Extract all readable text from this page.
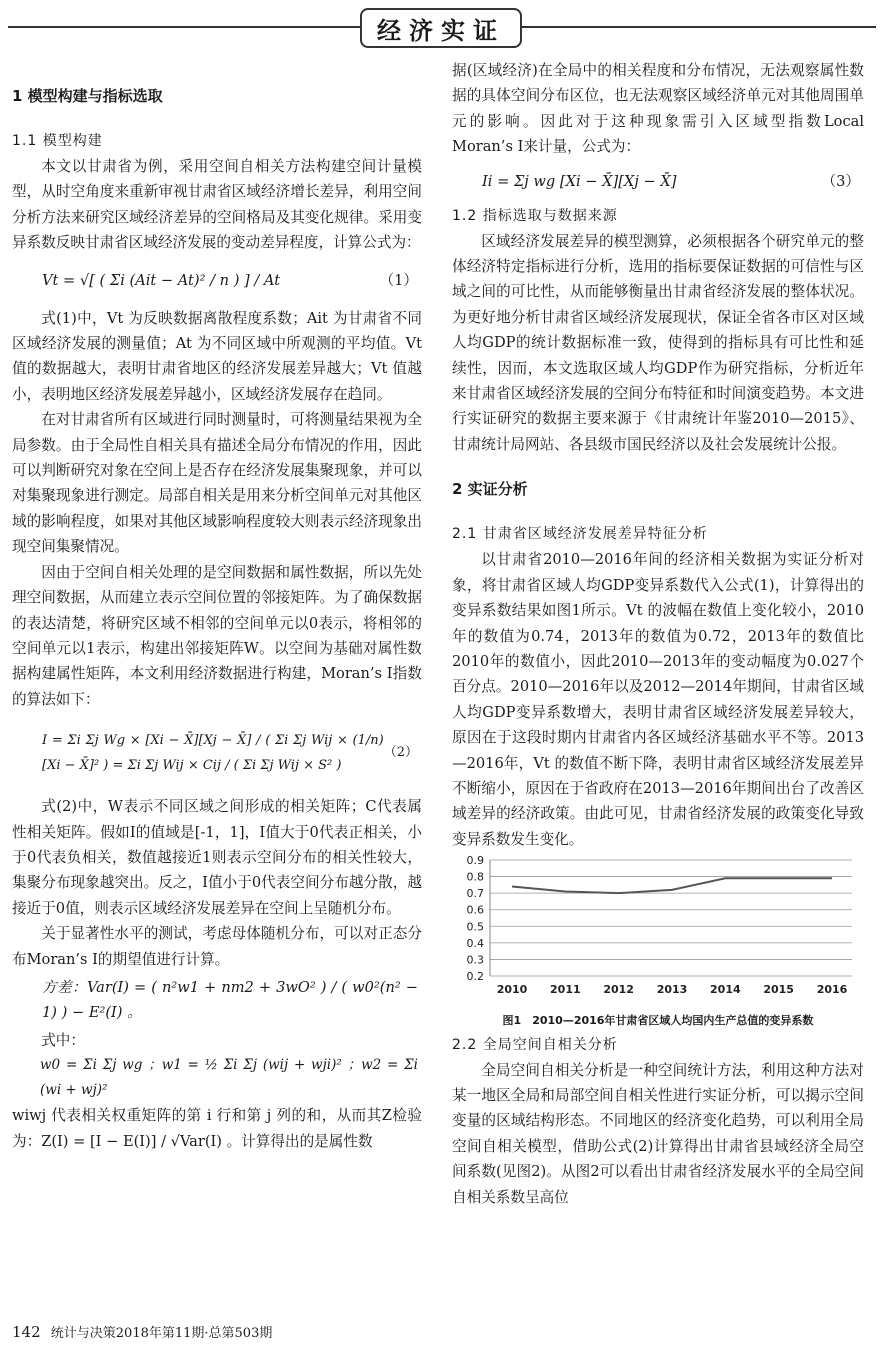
经济实证
1 模型构建与指标选取
1.1 模型构建

本文以甘肃省为例，采用空间自相关方法构建空间计量模型，从时空角度来重新审视甘肃省区域经济增长差异，利用空间分析方法来研究区域经济差异的空间格局及其变化规律。采用变异系数反映甘肃省区域经济发展的变动差异程度，计算公式为：

Vt = √[ ( Σi (Ait − At)² / n ) ] / At	（1）

式(1)中，Vt 为反映数据离散程度系数；Ait 为甘肃省不同区域经济发展的测量值；At 为不同区域中所观测的平均值。Vt 值的数据越大，表明甘肃省地区的经济发展差异越大；Vt 值越小，表明地区经济发展差异越小，区域经济发展存在趋同。

在对甘肃省所有区域进行同时测量时，可将测量结果视为全局参数。由于全局性自相关具有描述全局分布情况的作用，因此可以判断研究对象在空间上是否存在经济发展集聚现象，并可以对集聚现象进行测定。局部自相关是用来分析空间单元对其他区域的影响程度，如果对其他区域影响程度较大则表示经济现象出现空间集聚情况。

因由于空间自相关处理的是空间数据和属性数据，所以先处理空间数据，从而建立表示空间位置的邻接矩阵。为了确保数据的表达清楚，将研究区域不相邻的空间单元以0表示，将相邻的空间单元以1表示，构建出邻接矩阵W。以空间为基础对属性数据构建属性矩阵，本文利用经济数据进行构建，Moran’s I指数的算法如下：

I = Σi Σj Wg × [Xi − X̄][Xj − X̄] / ( Σi Σj Wij × (1/n)[Xi − X̄]² ) = Σi Σj Wij × Cij / ( Σi Σj Wij × S² )
（2）

式(2)中，W表示不同区域之间形成的相关矩阵；C代表属性相关矩阵。假如I的值域是[-1，1]，I值大于0代表正相关，小于0代表负相关，数值越接近1则表示空间分布的相关性较大，集聚分布现象越突出。反之，I值小于0代表空间分布越分散，越接近于0值，则表示区域经济发展差异在空间上呈随机分布。

关于显著性水平的测试，考虑母体随机分布，可以对正态分布Moran’s I的期望值进行计算。

方差：Var(I) = ( n²w1 + nm2 + 3wO² ) / ( w0²(n² − 1) ) − E²(I) 。

式中：

w0 = Σi Σj wg ；w1 = ½ Σi Σj (wij + wji)² ；w2 = Σi (wi + wj)²

wiwj 代表相关权重矩阵的第 i 行和第 j 列的和，从而其Z检验为：Z(I) = [I − E(I)] / √Var(I) 。计算得出的是属性数

据(区域经济)在全局中的相关程度和分布情况，无法观察属性数据的具体空间分布区位，也无法观察区域经济单元对其他周围单元的影响。因此对于这种现象需引入区域型指数Local Moran’s I来计量，公式为：

Ii = Σj wg [Xi − X̄][Xj − X̄]	（3）
1.2 指标选取与数据来源

区域经济发展差异的模型测算，必须根据各个研究单元的整体经济特定指标进行分析，选用的指标要保证数据的可信性与区域之间的可比性，从而能够衡量出甘肃省经济发展的整体状况。为更好地分析甘肃省区域经济发展现状，保证全省各市区对区域人均GDP的统计数据标准一致，使得到的指标具有可比性和延续性，因而，本文选取区域人均GDP作为研究指标，分析近年来甘肃省区域经济发展的空间分布特征和时间演变趋势。本文进行实证研究的数据主要来源于《甘肃统计年鉴2010—2015》、甘肃统计局网站、各县级市国民经济以及社会发展统计公报。

2 实证分析
2.1 甘肃省区域经济发展差异特征分析

以甘肃省2010—2016年间的经济相关数据为实证分析对象，将甘肃省区域人均GDP变异系数代入公式(1)，计算得出的变异系数结果如图1所示。Vt 的波幅在数值上变化较小，2010年的数值为0.74，2013年的数值为0.72，2013年的数值比2010年的数值小，因此2010—2013年的变动幅度为0.027个百分点。2010—2016年以及2012—2014年期间，甘肃省区域人均GDP变异系数增大，表明甘肃省区域经济发展差异较大，原因在于这段时期内甘肃省内各区域经济基础水平不等。2013—2016年，Vt 的数值不断下降，表明甘肃省区域经济发展差异不断缩小，原因在于省政府在2013—2016年期间出台了改善区域差异的经济政策。由此可见，甘肃省经济发展的政策变化导致变异系数发生变化。

0.9
0.8
0.7
0.6
0.5
0.4
0.3
0.2
2010 2011 2012 2013 2014 2015 2016
图1　2010—2016年甘肃省区域人均国内生产总值的变异系数
2.2 全局空间自相关分析

全局空间自相关分析是一种空间统计方法，利用这种方法对某一地区全局和局部空间自相关性进行实证分析，可以揭示空间变量的区域结构形态。不同地区的经济变化趋势，可以利用全局空间自相关模型，借助公式(2)计算得出甘肃省县域经济全局空间系数(见图2)。从图2可以看出甘肃省经济发展水平的全局空间自相关系数呈高位

142 统计与决策2018年第11期·总第503期
